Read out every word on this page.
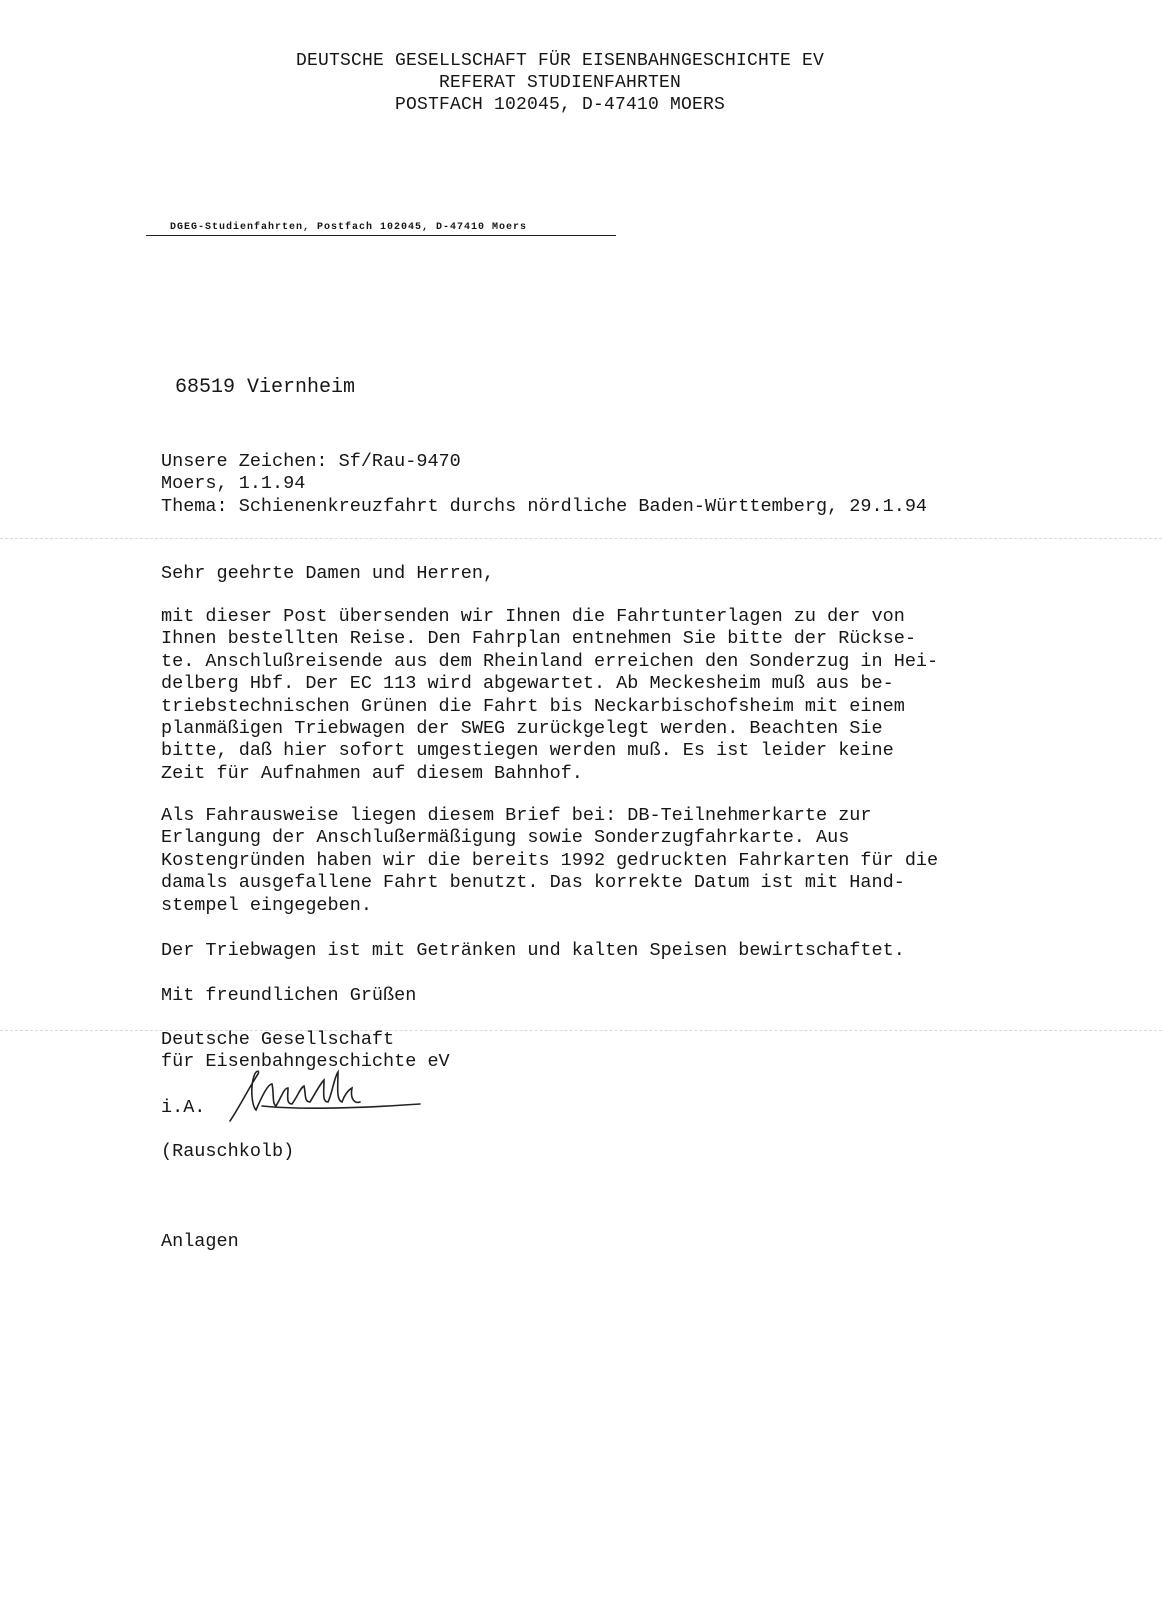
DEUTSCHE GESELLSCHAFT FÜR EISENBAHNGESCHICHTE EV
REFERAT STUDIENFAHRTEN
POSTFACH 102045, D-47410 MOERS
DGEG-Studienfahrten, Postfach 102045, D-47410 Moers
68519 Viernheim
Unsere Zeichen: Sf/Rau-9470
Moers, 1.1.94
Thema: Schienenkreuzfahrt durchs nördliche Baden-Württemberg, 29.1.94
Sehr geehrte Damen und Herren,
mit dieser Post übersenden wir Ihnen die Fahrtunterlagen zu der von
Ihnen bestellten Reise. Den Fahrplan entnehmen Sie bitte der Rückse-
te. Anschlußreisende aus dem Rheinland erreichen den Sonderzug in Hei-
delberg Hbf. Der EC 113 wird abgewartet. Ab Meckesheim muß aus be-
triebstechnischen Grünen die Fahrt bis Neckarbischofsheim mit einem
planmäßigen Triebwagen der SWEG zurückgelegt werden. Beachten Sie
bitte, daß hier sofort umgestiegen werden muß. Es ist leider keine
Zeit für Aufnahmen auf diesem Bahnhof.
Als Fahrausweise liegen diesem Brief bei: DB-Teilnehmerkarte zur
Erlangung der Anschlußermäßigung sowie Sonderzugfahrkarte. Aus
Kostengründen haben wir die bereits 1992 gedruckten Fahrkarten für die
damals ausgefallene Fahrt benutzt. Das korrekte Datum ist mit Hand-
stempel eingegeben.
Der Triebwagen ist mit Getränken und kalten Speisen bewirtschaftet.
Mit freundlichen Grüßen
Deutsche Gesellschaft
für Eisenbahngeschichte eV
i.A.
(Rauschkolb)
Anlagen
